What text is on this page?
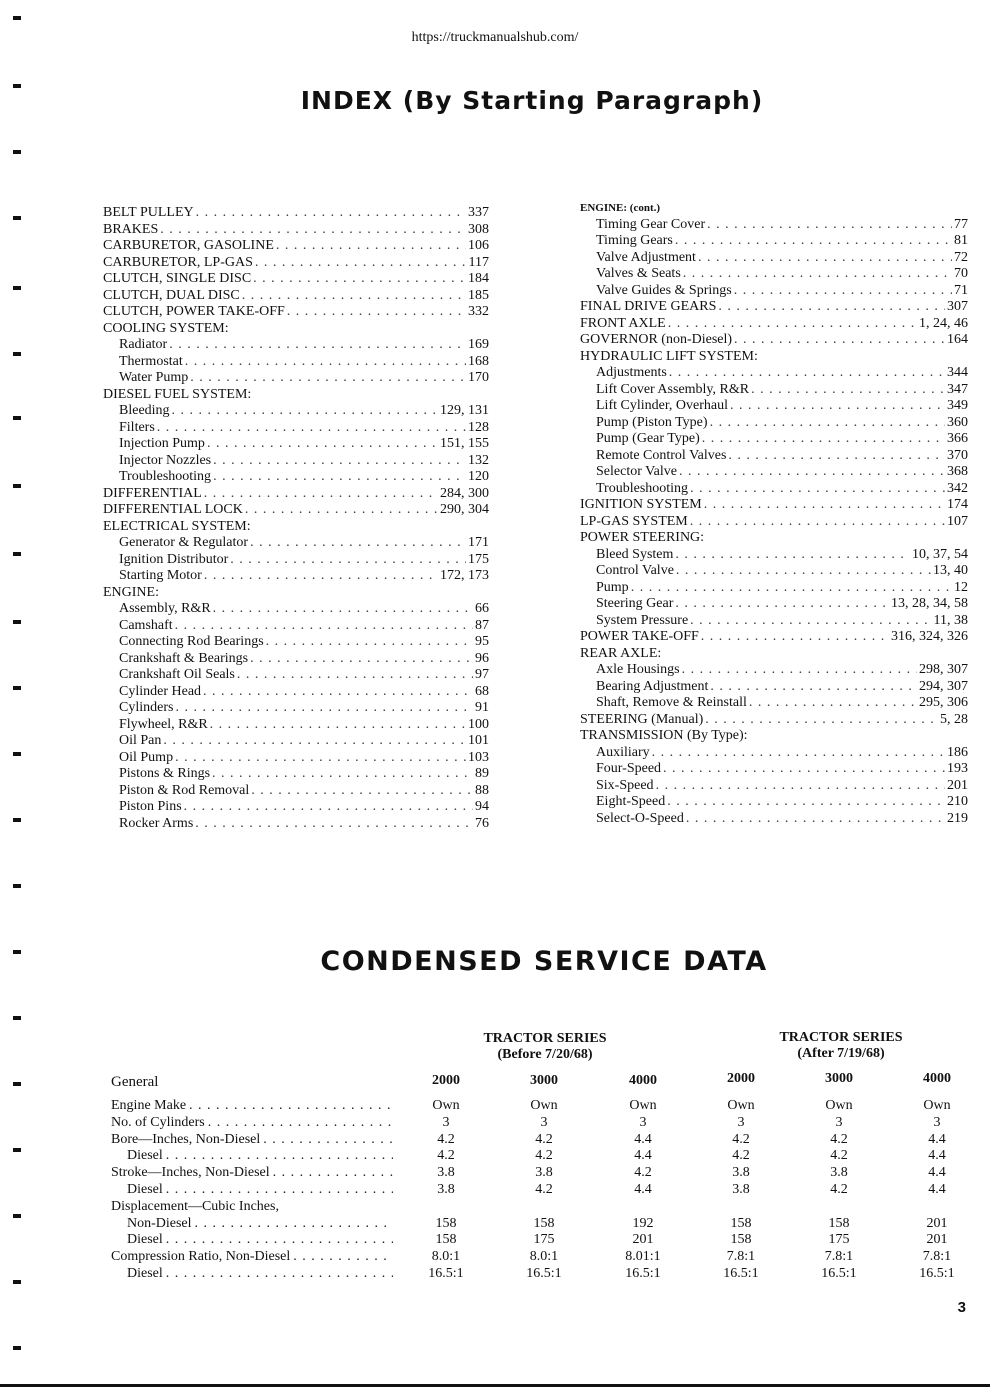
https://truckmanualshub.com/
INDEX (By Starting Paragraph)
BELT PULLEY . . .	337
BRAKES . . .	308
CARBURETOR, GASOLINE . . .	106
CARBURETOR, LP-GAS . . .	117
CLUTCH, SINGLE DISC . . .	184
CLUTCH, DUAL DISC . . .	185
CLUTCH, POWER TAKE-OFF . . .	332
COOLING SYSTEM:
Radiator . . .	169
Thermostat . . .	168
Water Pump . . .	170
DIESEL FUEL SYSTEM:
Bleeding . . .	129, 131
Filters . . .	128
Injection Pump . . .	151, 155
Injector Nozzles . . .	132
Troubleshooting . . .	120
DIFFERENTIAL . . .	284, 300
DIFFERENTIAL LOCK . . .	290, 304
ELECTRICAL SYSTEM:
Generator & Regulator . . .	171
Ignition Distributor . . .	175
Starting Motor . . .	172, 173
ENGINE:
Assembly, R&R . . .	66
Camshaft . . .	87
Connecting Rod Bearings . . .	95
Crankshaft & Bearings . . .	96
Crankshaft Oil Seals . . .	97
Cylinder Head . . .	68
Cylinders . . .	91
Flywheel, R&R . . .	100
Oil Pan . . .	101
Oil Pump . . .	103
Pistons & Rings . . .	89
Piston & Rod Removal . . .	88
Piston Pins . . .	94
Rocker Arms . . .	76
ENGINE: (cont.)
Timing Gear Cover . . .	77
Timing Gears . . .	81
Valve Adjustment . . .	72
Valves & Seats . . .	70
Valve Guides & Springs . . .	71
FINAL DRIVE GEARS . . .	307
FRONT AXLE . . .	1, 24, 46
GOVERNOR (non-Diesel) . . .	164
HYDRAULIC LIFT SYSTEM:
Adjustments . . .	344
Lift Cover Assembly, R&R . . .	347
Lift Cylinder, Overhaul . . .	349
Pump (Piston Type) . . .	360
Pump (Gear Type) . . .	366
Remote Control Valves . . .	370
Selector Valve . . .	368
Troubleshooting . . .	342
IGNITION SYSTEM . . .	174
LP-GAS SYSTEM . . .	107
POWER STEERING:
Bleed System . . .	10, 37, 54
Control Valve . . .	13, 40
Pump . . .	12
Steering Gear . . .	13, 28, 34, 58
System Pressure . . .	11, 38
POWER TAKE-OFF . . .	316, 324, 326
REAR AXLE:
Axle Housings . . .	298, 307
Bearing Adjustment . . .	294, 307
Shaft, Remove & Reinstall . . .	295, 306
STEERING (Manual) . . .	5, 28
TRANSMISSION (By Type):
Auxiliary . . .	186
Four-Speed . . .	193
Six-Speed . . .	201
Eight-Speed . . .	210
Select-O-Speed . . .	219
CONDENSED SERVICE DATA
TRACTOR SERIES
(Before 7/20/68)
TRACTOR SERIES
(After 7/19/68)
General	2000	3000	4000	2000	3000	4000
Engine Make . . .	Own	Own	Own	Own	Own	Own
No. of Cylinders . . .	3	3	3	3	3	3
Bore—Inches, Non-Diesel . . .	4.2	4.2	4.4	4.2	4.2	4.4
Diesel . . .	4.2	4.2	4.4	4.2	4.2	4.4
Stroke—Inches, Non-Diesel . . .	3.8	3.8	4.2	3.8	3.8	4.4
Diesel . . .	3.8	4.2	4.4	3.8	4.2	4.4
Displacement—Cubic Inches,
Non-Diesel . . .	158	158	192	158	158	201
Diesel . . .	158	175	201	158	175	201
Compression Ratio, Non-Diesel . . .	8.0:1	8.0:1	8.01:1	7.8:1	7.8:1	7.8:1
Diesel . . .	16.5:1	16.5:1	16.5:1	16.5:1	16.5:1	16.5:1
3
